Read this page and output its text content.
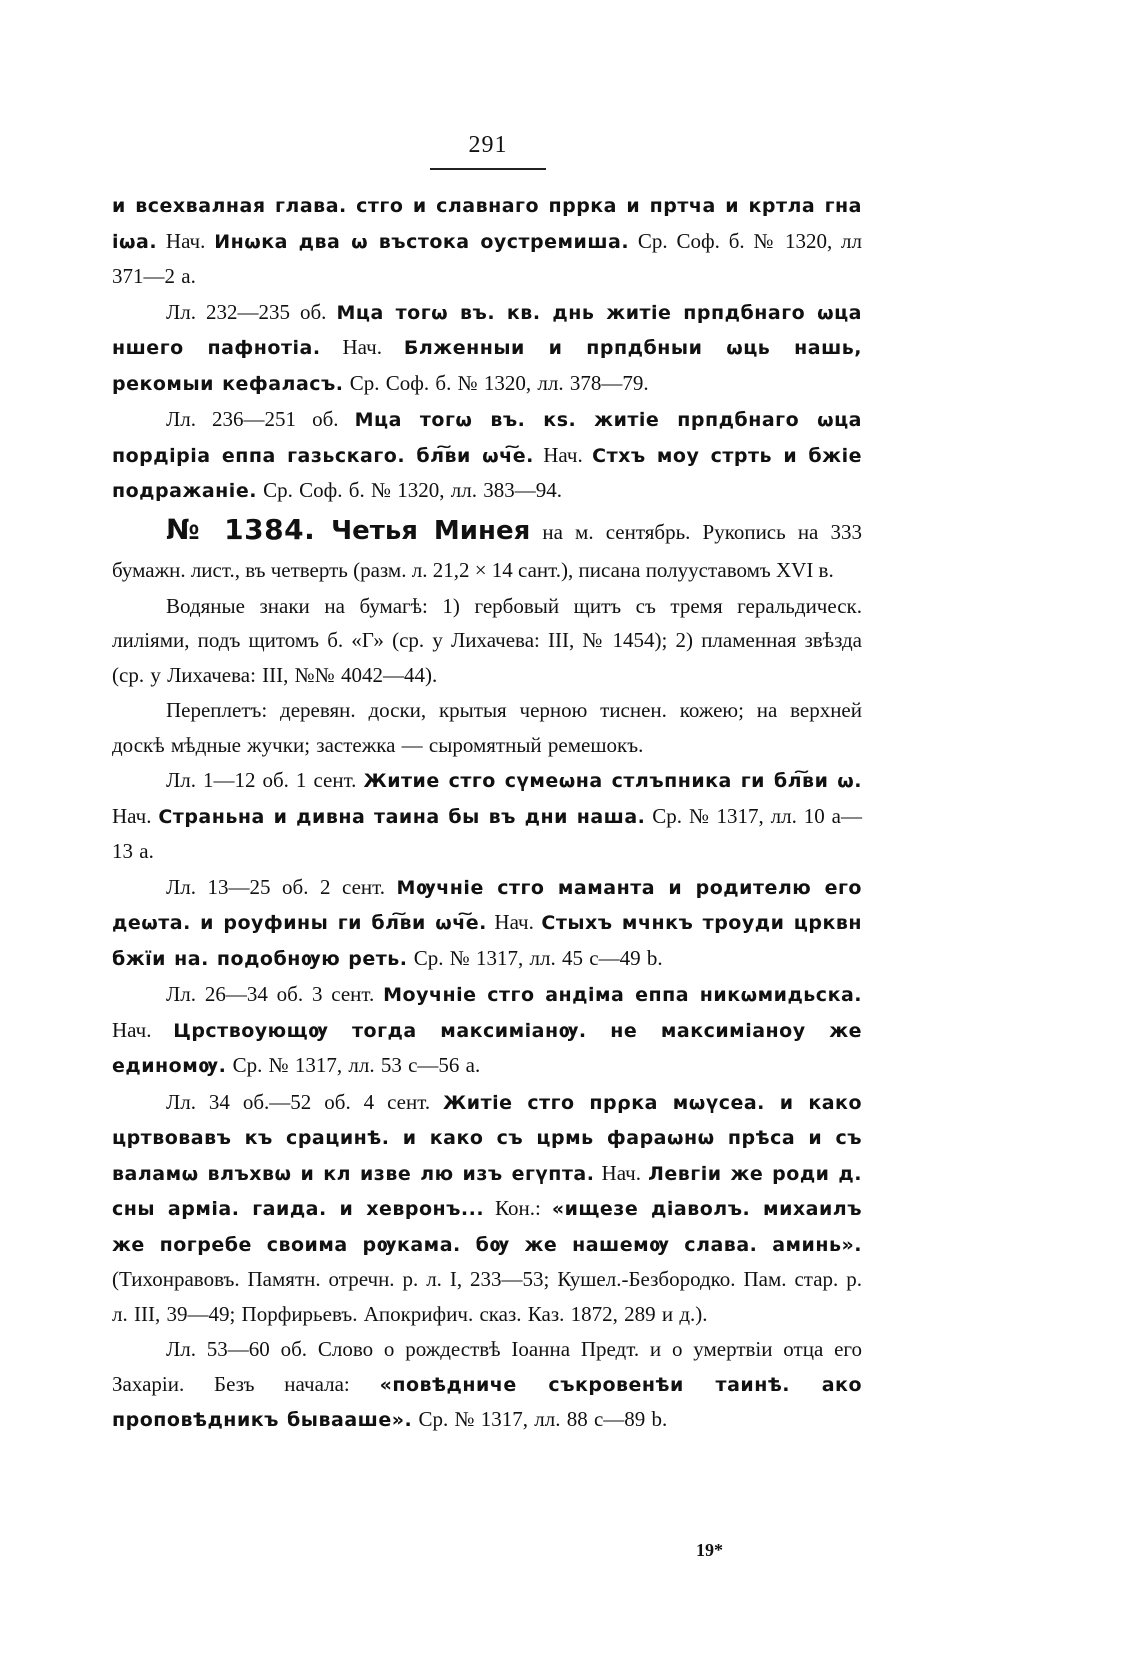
291

и всехвалная глава. стго и славнаго пррка и пртча и кртла гна іωа. Нач. Инωка два ω въстока оустремиша. Ср. Соф. б. № 1320, лл 371—2 а.

Лл. 232—235 об. Мца тогω въ. кв. днь житіе прпдбнаго ωца ншего пафнотіа. Нач. Блженныи и прпдбныи ωць нашь, рекомыи кефаласъ. Ср. Соф. б. № 1320, лл. 378—79.

Лл. 236—251 об. Мца тогω въ. кѕ. житіе прпдбнаго ωца пордіріа еппа газьскаго. бл͠ви ωч͠е. Нач. Стхъ моу стрть и бжіе подражаніе. Ср. Соф. б. № 1320, лл. 383—94.

№ 1384. Четья Минея на м. сентябрь. Рукопись на 333 бумажн. лист., въ четверть (разм. л. 21,2 × 14 сант.), писана полууставомъ XVI в.

Водяные знаки на бумагѣ: 1) гербовый щитъ съ тремя геральдическ. лиліями, подъ щитомъ б. «Г» (ср. у Лихачева: III, № 1454); 2) пламенная звѣзда (ср. у Лихачева: III, №№ 4042—44).

Переплетъ: деревян. доски, крытыя черною тиснен. кожею; на верхней доскѣ мѣдные жучки; застежка — сыромятный ремешокъ.

Лл. 1—12 об. 1 сент. Житие стго сүмеωна стлъпника ги бл͠ви ω. Нач. Страньна и дивна таина бы въ дни наша. Ср. № 1317, лл. 10 а—13 а.

Лл. 13—25 об. 2 сент. Мѹчніе стго мамантa и родителю его деωта. и роуфины ги бл͠ви ωч͠е. Нач. Стыхъ мчнкъ троуди црквн бжїи на. подобнѹю реть. Ср. № 1317, лл. 45 с—49 b.

Лл. 26—34 об. 3 сент. Моучніе стго андіма еппа никωмидьска. Нач. Црствоующѹ тогда максиміанѹ. не максиміаноу же единомѹ. Ср. № 1317, лл. 53 с—56 а.

Лл. 34 об.—52 об. 4 сент. Житіе стго прρка мωүсеа. и како цртвовавъ къ срацинѣ. и како съ црмь фараωнѡ прѣса и съ валамω влъхвѡ и кл изве лю изъ егүпта. Нач. Левгіи же роди д. сны армiа. гаида. и хевронъ... Кон.: «ищезе діаволъ. михаилъ же погребе своима рѹкама. бѹ же нашемѹ слава. аминь». (Тихонравовъ. Памятн. отречн. р. л. I, 233—53; Кушел.-Безбородко. Пам. стар. р. л. III, 39—49; Порфирьевъ. Апокрифич. сказ. Каз. 1872, 289 и д.).

Лл. 53—60 об. Слово о рождествѣ Іоанна Предт. и о умертвіи отца его Захаріи. Безъ начала: «повѣдниче съкровенѣи таинѣ. ако проповѣдникъ бывааше». Ср. № 1317, лл. 88 с—89 b.

19*
